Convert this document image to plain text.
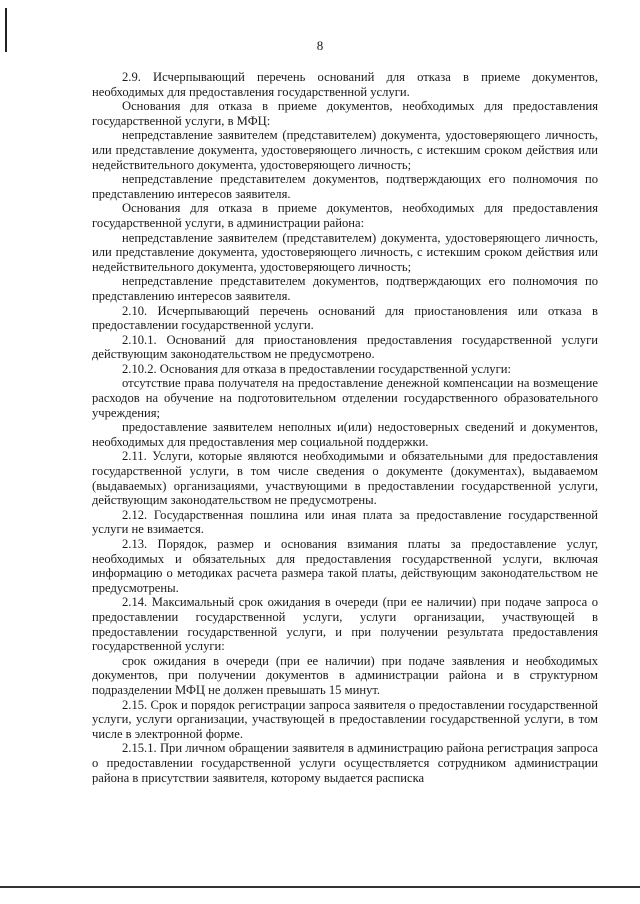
8

2.9. Исчерпывающий перечень оснований для отказа в приеме документов, необходимых для предоставления государственной услуги.

Основания для отказа в приеме документов, необходимых для предоставления государственной услуги, в МФЦ:

непредставление заявителем (представителем) документа, удостоверяющего личность, или представление документа, удостоверяющего личность, с истекшим сроком действия или недействительного документа, удостоверяющего личность;

непредставление представителем документов, подтверждающих его полномочия по представлению интересов заявителя.

Основания для отказа в приеме документов, необходимых для предоставления государственной услуги, в администрации района:

непредставление заявителем (представителем) документа, удостоверяющего личность, или представление документа, удостоверяющего личность, с истекшим сроком действия или недействительного документа, удостоверяющего личность;

непредставление представителем документов, подтверждающих его полномочия по представлению интересов заявителя.

2.10. Исчерпывающий перечень оснований для приостановления или отказа в предоставлении государственной услуги.

2.10.1. Оснований для приостановления предоставления государственной услуги действующим законодательством не предусмотрено.

2.10.2. Основания для отказа в предоставлении государственной услуги:

отсутствие права получателя на предоставление денежной компенсации на возмещение расходов на обучение на подготовительном отделении государственного образовательного учреждения;

предоставление заявителем неполных и(или) недостоверных сведений и документов, необходимых для предоставления мер социальной поддержки.

2.11. Услуги, которые являются необходимыми и обязательными для предоставления государственной услуги, в том числе сведения о документе (документах), выдаваемом (выдаваемых) организациями, участвующими в предоставлении государственной услуги, действующим законодательством не предусмотрены.

2.12. Государственная пошлина или иная плата за предоставление государственной услуги не взимается.

2.13. Порядок, размер и основания взимания платы за предоставление услуг, необходимых и обязательных для предоставления государственной услуги, включая информацию о методиках расчета размера такой платы, действующим законодательством не предусмотрены.

2.14. Максимальный срок ожидания в очереди (при ее наличии) при подаче запроса о предоставлении государственной услуги, услуги организации, участвующей в предоставлении государственной услуги, и при получении результата предоставления государственной услуги:

срок ожидания в очереди (при ее наличии) при подаче заявления и необходимых документов, при получении документов в администрации района и в структурном подразделении МФЦ не должен превышать 15 минут.

2.15. Срок и порядок регистрации запроса заявителя о предоставлении государственной услуги, услуги организации, участвующей в предоставлении государственной услуги, в том числе в электронной форме.

2.15.1. При личном обращении заявителя в администрацию района регистрация запроса о предоставлении государственной услуги осуществляется сотрудником администрации района в присутствии заявителя, которому выдается расписка
